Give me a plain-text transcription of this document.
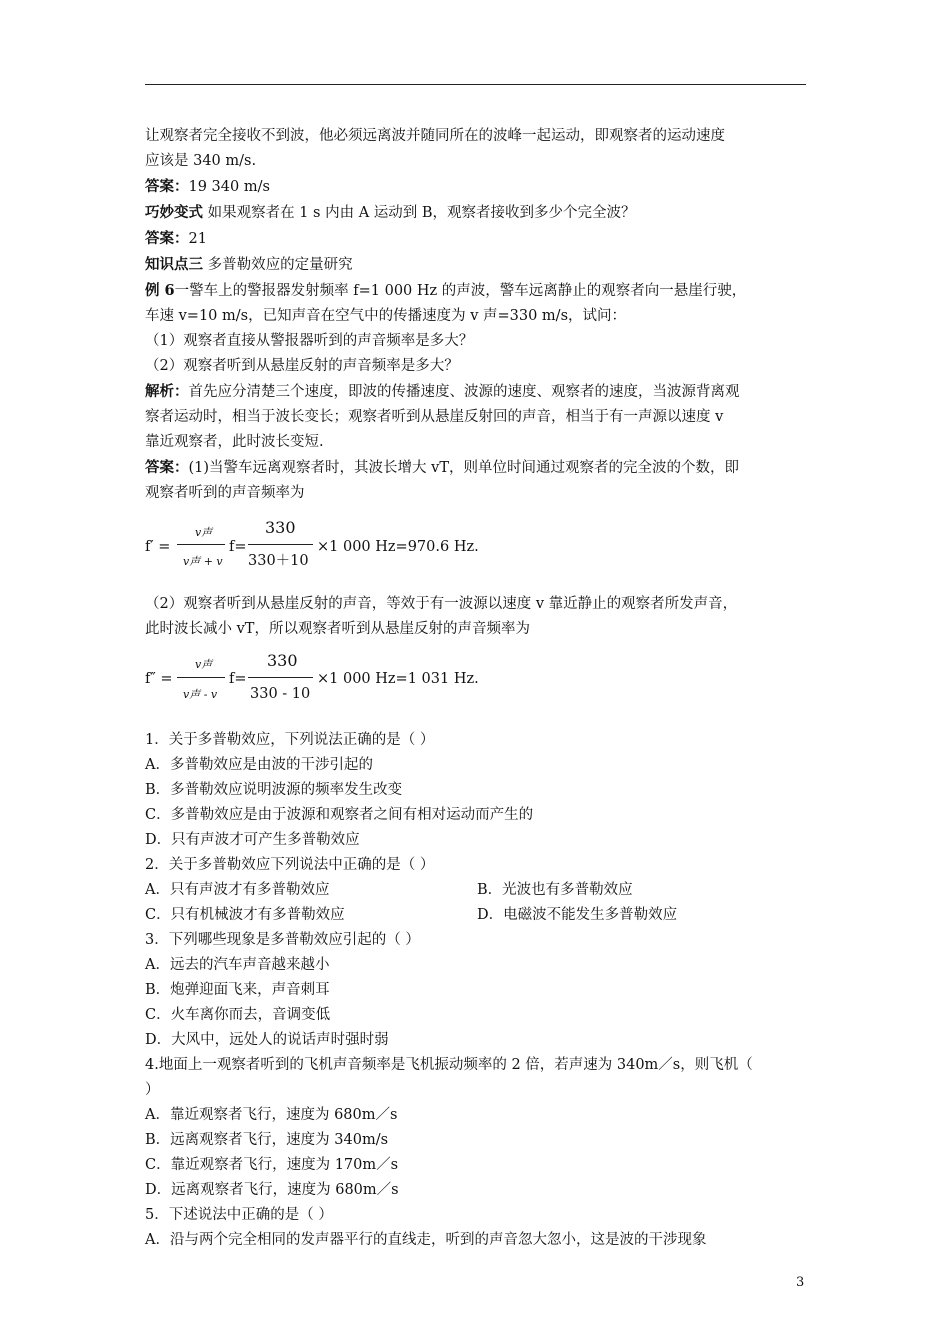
让观察者完全接收不到波，他必须远离波并随同所在的波峰一起运动，即观察者的运动速度

应该是 340 m/s.

答案：19 340 m/s

巧妙变式 如果观察者在 1 s 内由 A 运动到 B，观察者接收到多少个完全波？

答案：21

知识点三 多普勒效应的定量研究

例 6一警车上的警报器发射频率 f=1 000 Hz 的声波，警车远离静止的观察者向一悬崖行驶，

车速 v=10 m/s，已知声音在空气中的传播速度为 v 声=330 m/s，试问：

（1）观察者直接从警报器听到的声音频率是多大？

（2）观察者听到从悬崖反射的声音频率是多大？

解析：首先应分清楚三个速度，即波的传播速度、波源的速度、观察者的速度，当波源背离观

察者运动时，相当于波长变长；观察者听到从悬崖反射回的声音，相当于有一声源以速度 v

靠近观察者，此时波长变短.

答案：(1)当警车远离观察者时，其波长增大 vT，则单位时间通过观察者的完全波的个数，即

观察者听到的声音频率为

f′ =
v声
v声 + v
f=
330
330＋10
×1 000 Hz=970.6 Hz.

（2）观察者听到从悬崖反射的声音，等效于有一波源以速度 v 靠近静止的观察者所发声音，

此时波长减小 vT，所以观察者听到从悬崖反射的声音频率为

f″ =
v声
v声 - v
f=
330
330 - 10
×1 000 Hz=1 031 Hz.

1．关于多普勒效应，下列说法正确的是（ ）

A．多普勒效应是由波的干涉引起的

B．多普勒效应说明波源的频率发生改变

C．多普勒效应是由于波源和观察者之间有相对运动而产生的

D．只有声波才可产生多普勒效应

2．关于多普勒效应下列说法中正确的是（ ）

A．只有声波才有多普勒效应	B．光波也有多普勒效应
C．只有机械波才有多普勒效应	D．电磁波不能发生多普勒效应

3．下列哪些现象是多普勒效应引起的（ ）

A．远去的汽车声音越来越小

B．炮弹迎面飞来，声音刺耳

C．火车离你而去，音调变低

D．大风中，远处人的说话声时强时弱

4.地面上一观察者听到的飞机声音频率是飞机振动频率的 2 倍，若声速为 340m／s，则飞机（

）

A．靠近观察者飞行，速度为 680m／s

B．远离观察者飞行，速度为 340m/s

C．靠近观察者飞行，速度为 170m／s

D．远离观察者飞行，速度为 680m／s

5．下述说法中正确的是（ ）

A．沿与两个完全相同的发声器平行的直线走，听到的声音忽大忽小，这是波的干涉现象

3
